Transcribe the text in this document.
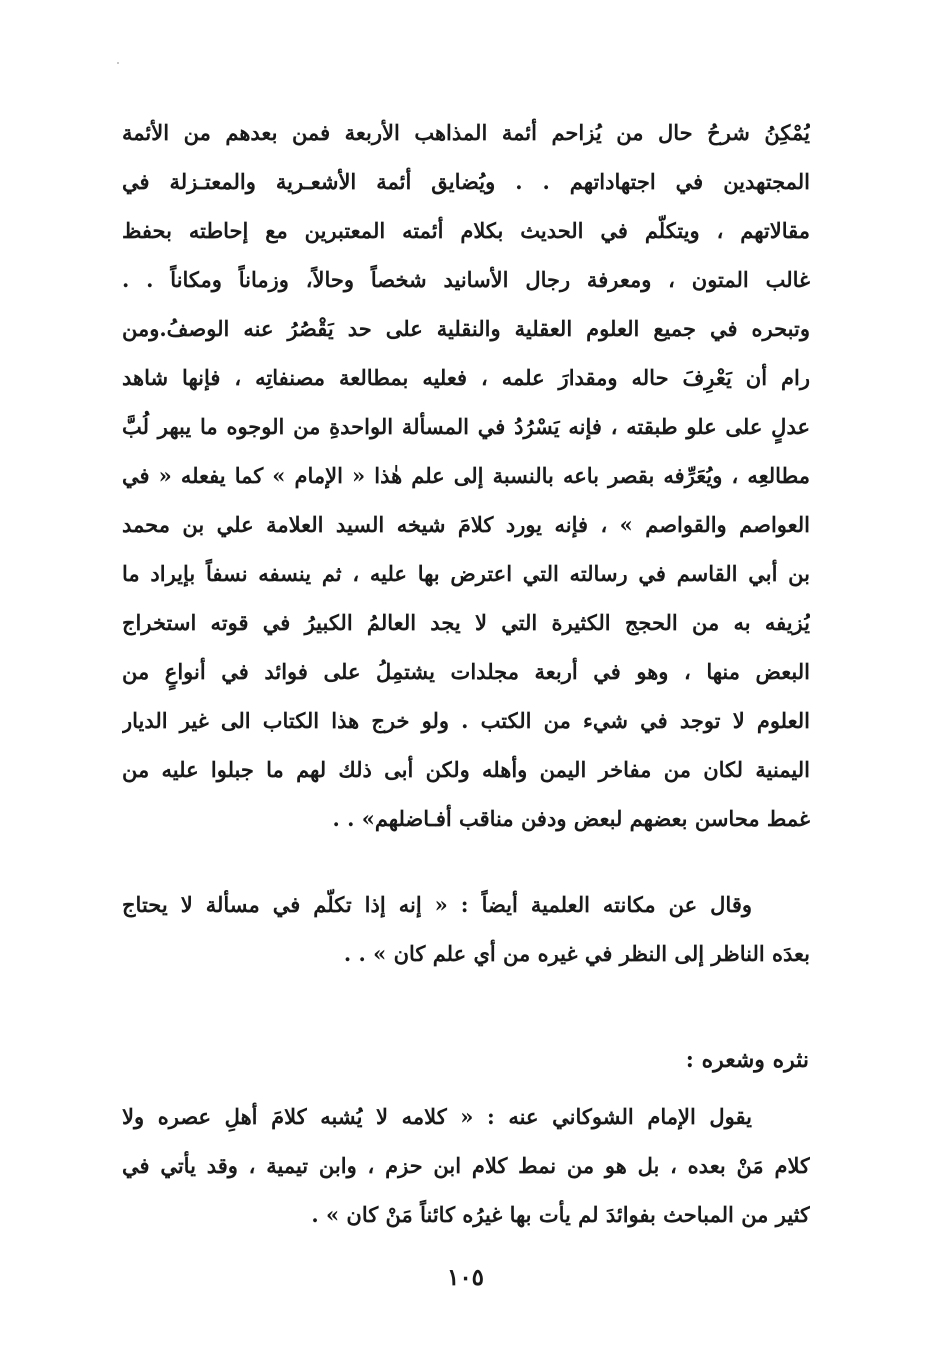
يُمْكِنُ شرحُ حال من يُزاحم أئمة المذاهب الأربعة فمن بعدهم من الأئمة
المجتهدين في اجتهاداتهم . . ويُضايق أئمة الأشعـرية والمعتـزلة في
مقالاتهم ، ويتكلّم في الحديث بكلام أئمته المعتبرين مع إحاطته بحفظ
غالب المتون ، ومعرفة رجال الأسانيد شخصاً وحالاً، وزماناً ومكاناً . .
وتبحره في جميع العلوم العقلية والنقلية على حد يَقْصُرُ عنه الوصفُ.ومن
رام أن يَعْرِفَ حاله ومقدارَ علمه ، فعليه بمطالعة مصنفاتِه ، فإنها شاهد
عدلٍ على علو طبقته ، فإنه يَسْرُدُ في المسألة الواحدةِ من الوجوه ما يبهر لُبَّ
مطالعِه ، ويُعَرِّفه بقصر باعه بالنسبة إلى علم هٰذا « الإمام » كما يفعله « في
العواصم والقواصم » ، فإنه يورد كلامَ شيخه السيد العلامة علي بن محمد
بن أبي القاسم في رسالته التي اعترض بها عليه ، ثم ينسفه نسفاً بإيراد ما
يُزيفه به من الحجج الكثيرة التي لا يجد العالمُ الكبيرُ في قوته استخراج
البعض منها ، وهو في أربعة مجلدات يشتمِلُ على فوائد في أنواعٍ من
العلوم لا توجد في شيء من الكتب . ولو خرج هذا الكتاب الى غير الديار
اليمنية لكان من مفاخر اليمن وأهله ولكن أبى ذلك لهم ما جبلوا عليه من
غمط محاسن بعضهم لبعض ودفن مناقب أفـاضلهم» . .
وقال عن مكانته العلمية أيضاً : « إنه إذا تكلّم في مسألة لا يحتاج
بعدَه الناظر إلى النظر في غيره من أي علم كان » . .
نثره وشعره :
يقول الإمام الشوكاني عنه : « كلامه لا يُشبه كلامَ أهلِ عصره ولا
كلام مَنْ بعده ، بل هو من نمط كلام ابن حزم ، وابن تيمية ، وقد يأتي في
كثير من المباحث بفوائدَ لم يأت بها غيرُه كائناً مَنْ كان » .
١٠٥
